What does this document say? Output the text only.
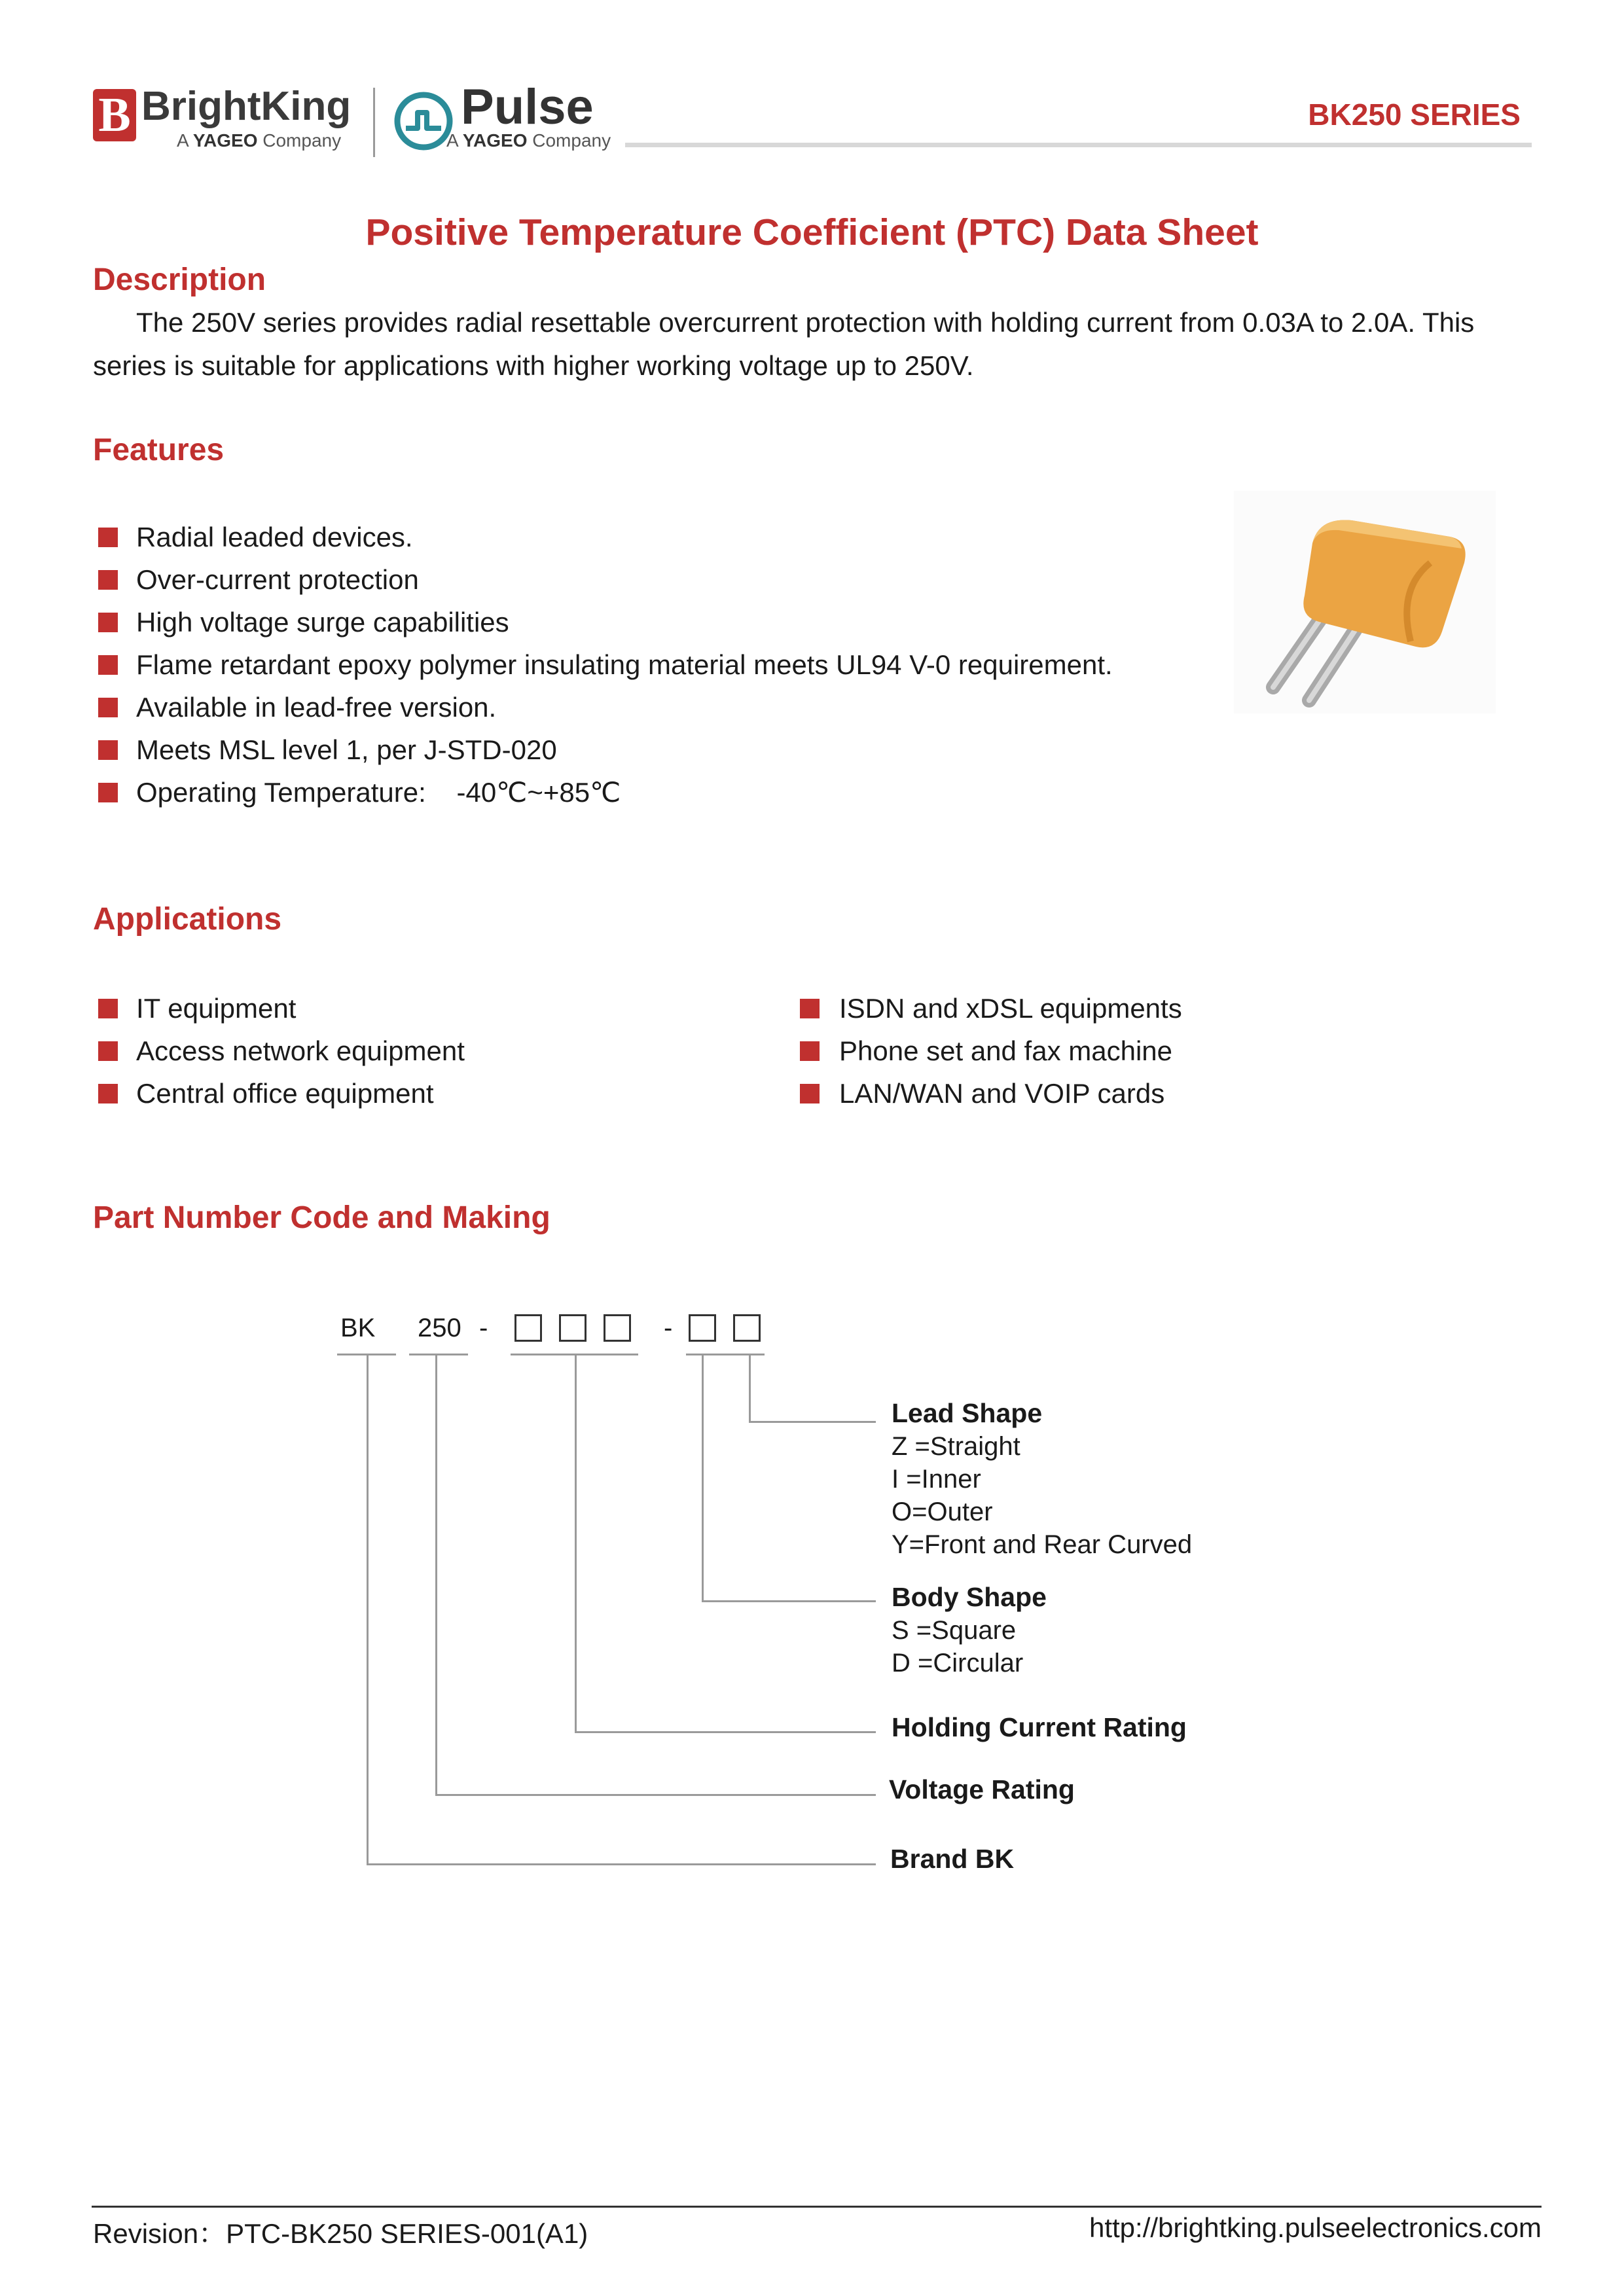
B BrightKing
A YAGEO Company
Pulse
A YAGEO Company
BK250 SERIES
Positive Temperature Coefficient (PTC) Data Sheet
Description
The 250V series provides radial resettable overcurrent protection with holding current from 0.03A to 2.0A. This series is suitable for applications with higher working voltage up to 250V.
Features
Radial leaded devices.
Over-current protection
High voltage surge capabilities
Flame retardant epoxy polymer insulating material meets UL94 V-0 requirement.
Available in lead-free version.
Meets MSL level 1, per J-STD-020
Operating Temperature:    -40℃~+85℃
Applications
IT equipment
Access network equipment
Central office equipment
ISDN and xDSL equipments
Phone set and fax machine
LAN/WAN and VOIP cards
Part Number Code and Making
BK 250 -	-
Lead Shape
Z =Straight
I =Inner
O=Outer
Y=Front and Rear Curved
Body Shape
S =Square
D =Circular
Holding Current Rating
Voltage Rating
Brand BK
Revision：PTC-BK250 SERIES-001(A1)	http://brightking.pulseelectronics.com
